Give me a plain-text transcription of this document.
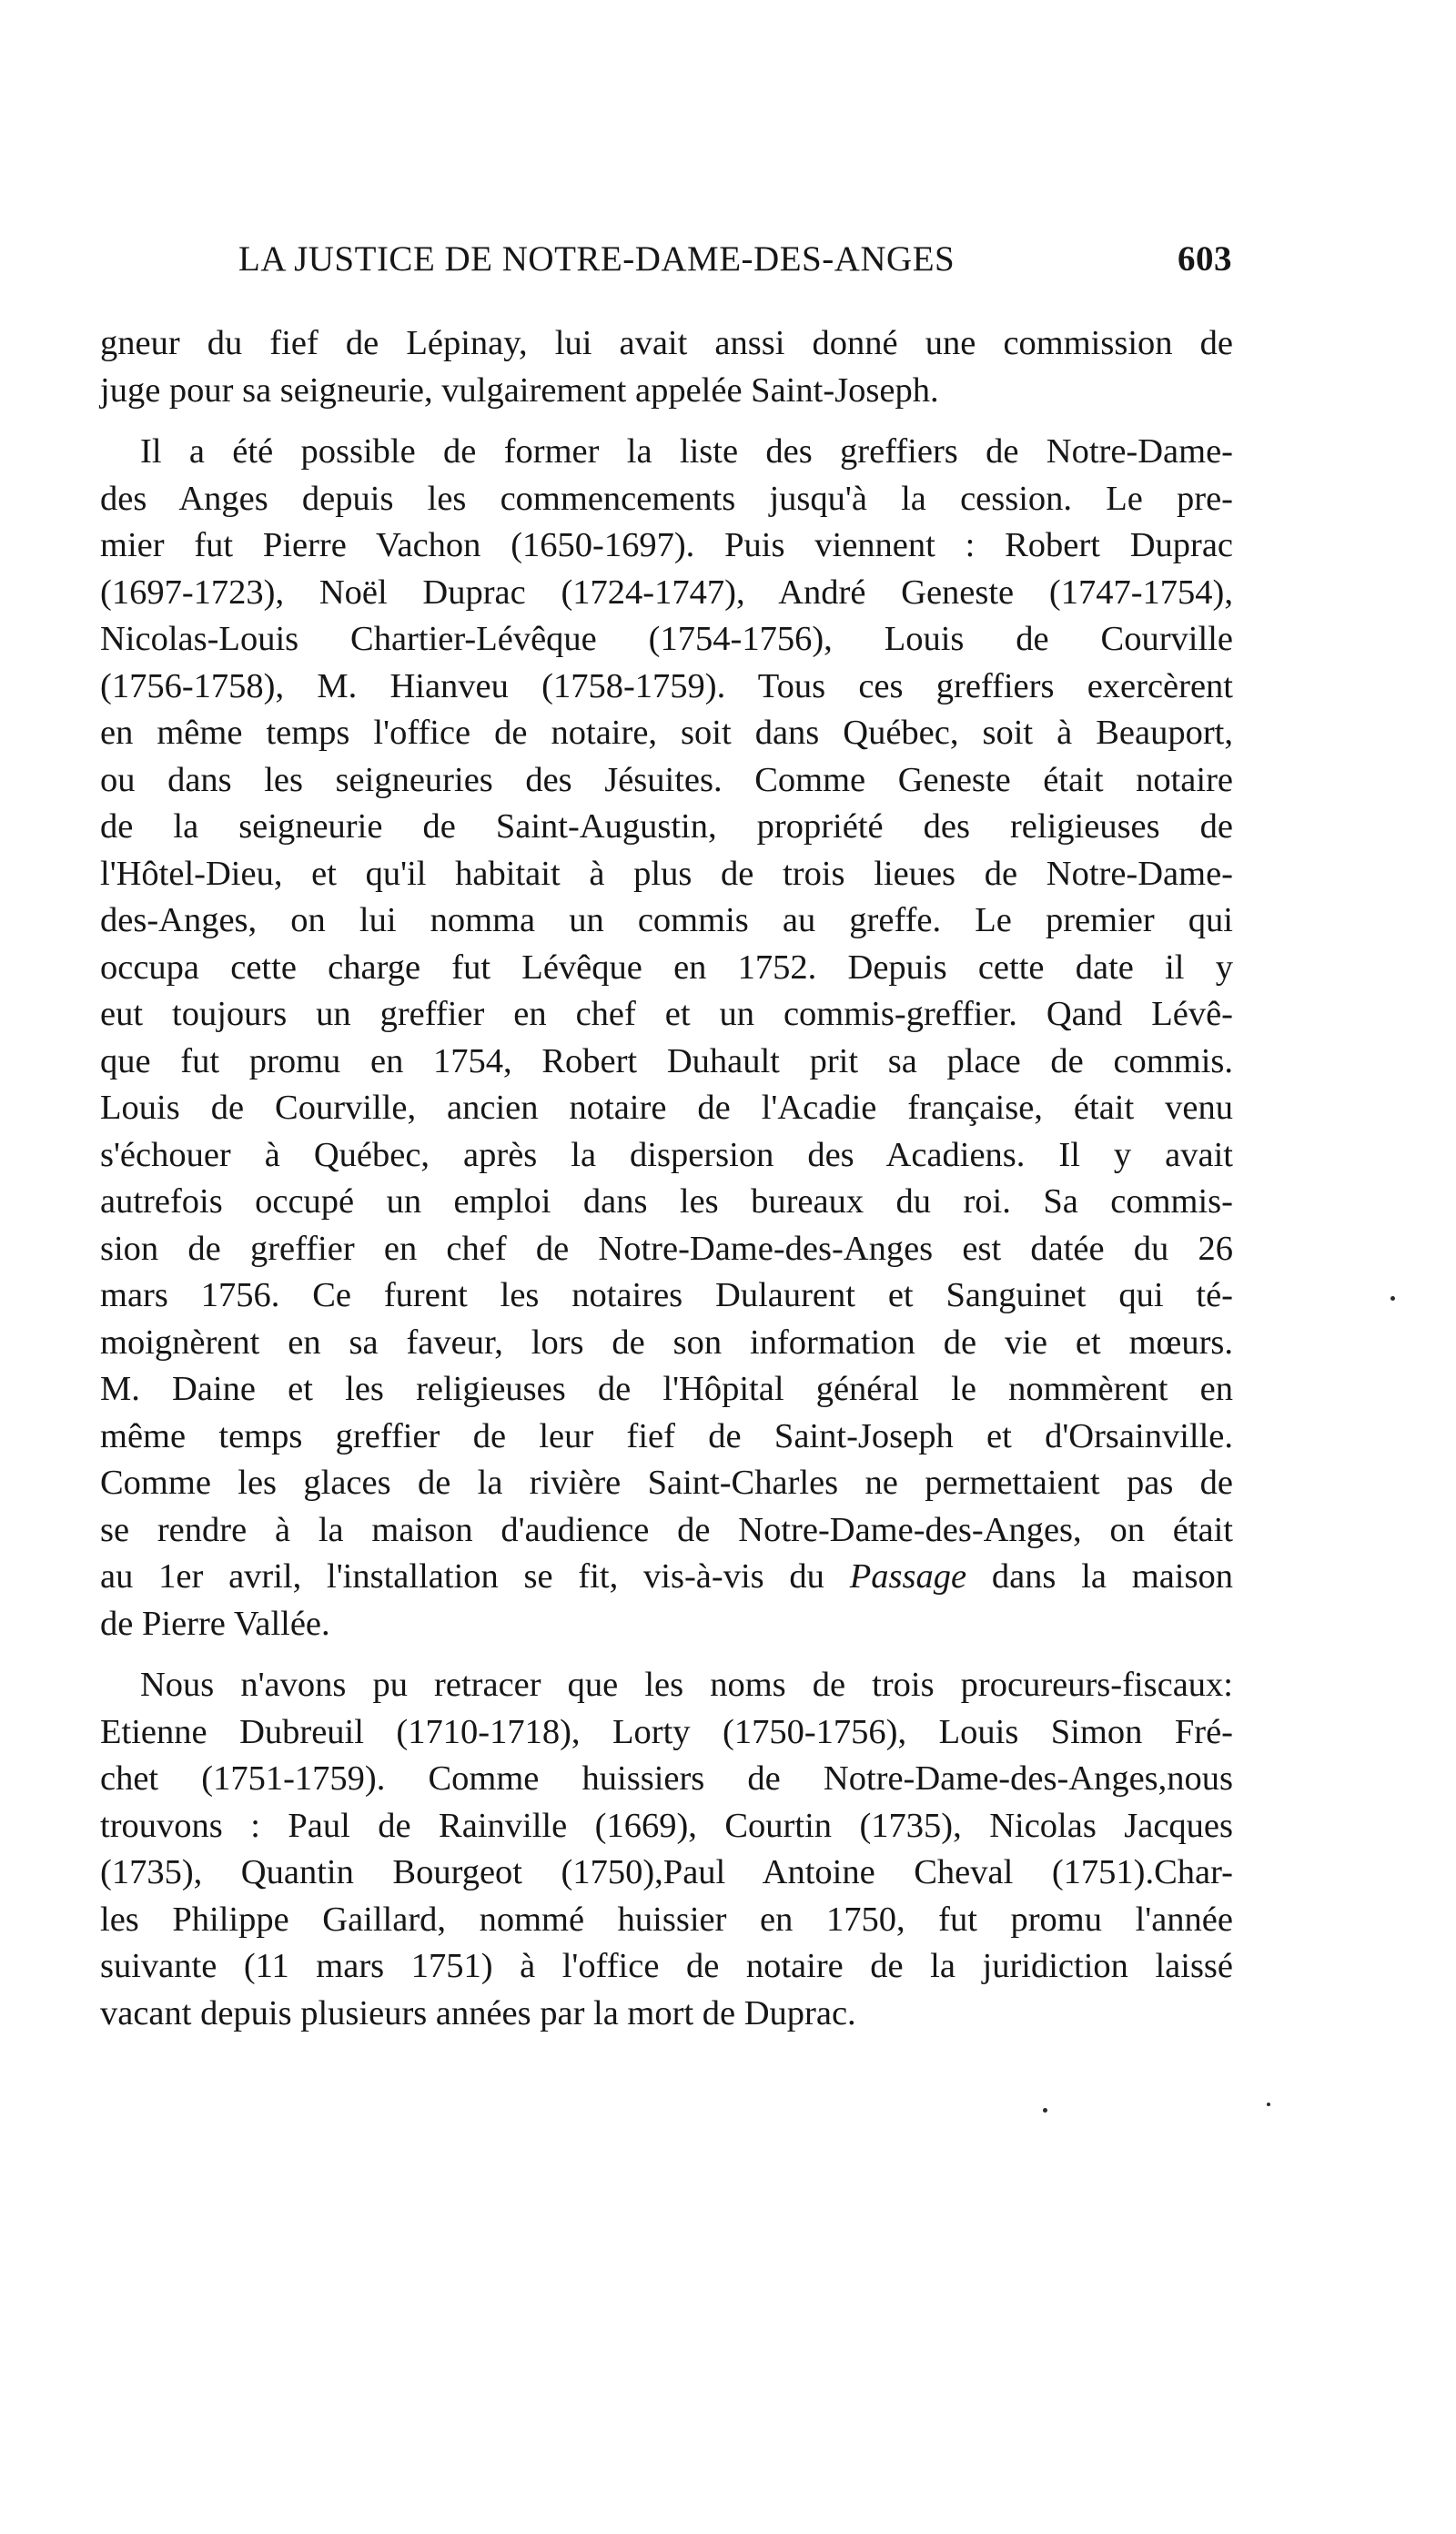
LA JUSTICE DE NOTRE-DAME-DES-ANGES	603
gneur du fief de Lépinay, lui avait anssi donné une commission de
juge pour sa seigneurie, vulgairement appelée Saint-Joseph.
Il a été possible de former la liste des greffiers de Notre-Dame-
des Anges depuis les commencements jusqu'à la cession. Le pre-
mier fut Pierre Vachon (1650-1697). Puis viennent : Robert Duprac
(1697-1723), Noël Duprac (1724-1747), André Geneste (1747-1754),
Nicolas-Louis Chartier-Lévêque (1754-1756), Louis de Courville
(1756-1758), M. Hianveu (1758-1759). Tous ces greffiers exercèrent
en même temps l'office de notaire, soit dans Québec, soit à Beauport,
ou dans les seigneuries des Jésuites. Comme Geneste était notaire
de la seigneurie de Saint-Augustin, propriété des religieuses de
l'Hôtel-Dieu, et qu'il habitait à plus de trois lieues de Notre-Dame-
des-Anges, on lui nomma un commis au greffe. Le premier qui
occupa cette charge fut Lévêque en 1752. Depuis cette date il y
eut toujours un greffier en chef et un commis-greffier. Qand Lévê-
que fut promu en 1754, Robert Duhault prit sa place de commis.
Louis de Courville, ancien notaire de l'Acadie française, était venu
s'échouer à Québec, après la dispersion des Acadiens. Il y avait
autrefois occupé un emploi dans les bureaux du roi. Sa commis-
sion de greffier en chef de Notre-Dame-des-Anges est datée du 26
mars 1756. Ce furent les notaires Dulaurent et Sanguinet qui té-
moignèrent en sa faveur, lors de son information de vie et mœurs.
M. Daine et les religieuses de l'Hôpital général le nommèrent en
même temps greffier de leur fief de Saint-Joseph et d'Orsainville.
Comme les glaces de la rivière Saint-Charles ne permettaient pas de
se rendre à la maison d'audience de Notre-Dame-des-Anges, on était
au 1er avril, l'installation se fit, vis-à-vis du Passage dans la maison
de Pierre Vallée.
Nous n'avons pu retracer que les noms de trois procureurs-fiscaux:
Etienne Dubreuil (1710-1718), Lorty (1750-1756), Louis Simon Fré-
chet (1751-1759). Comme huissiers de Notre-Dame-des-Anges,nous
trouvons : Paul de Rainville (1669), Courtin (1735), Nicolas Jacques
(1735), Quantin Bourgeot (1750),Paul Antoine Cheval (1751).Char-
les Philippe Gaillard, nommé huissier en 1750, fut promu l'année
suivante (11 mars 1751) à l'office de notaire de la juridiction laissé
vacant depuis plusieurs années par la mort de Duprac.
